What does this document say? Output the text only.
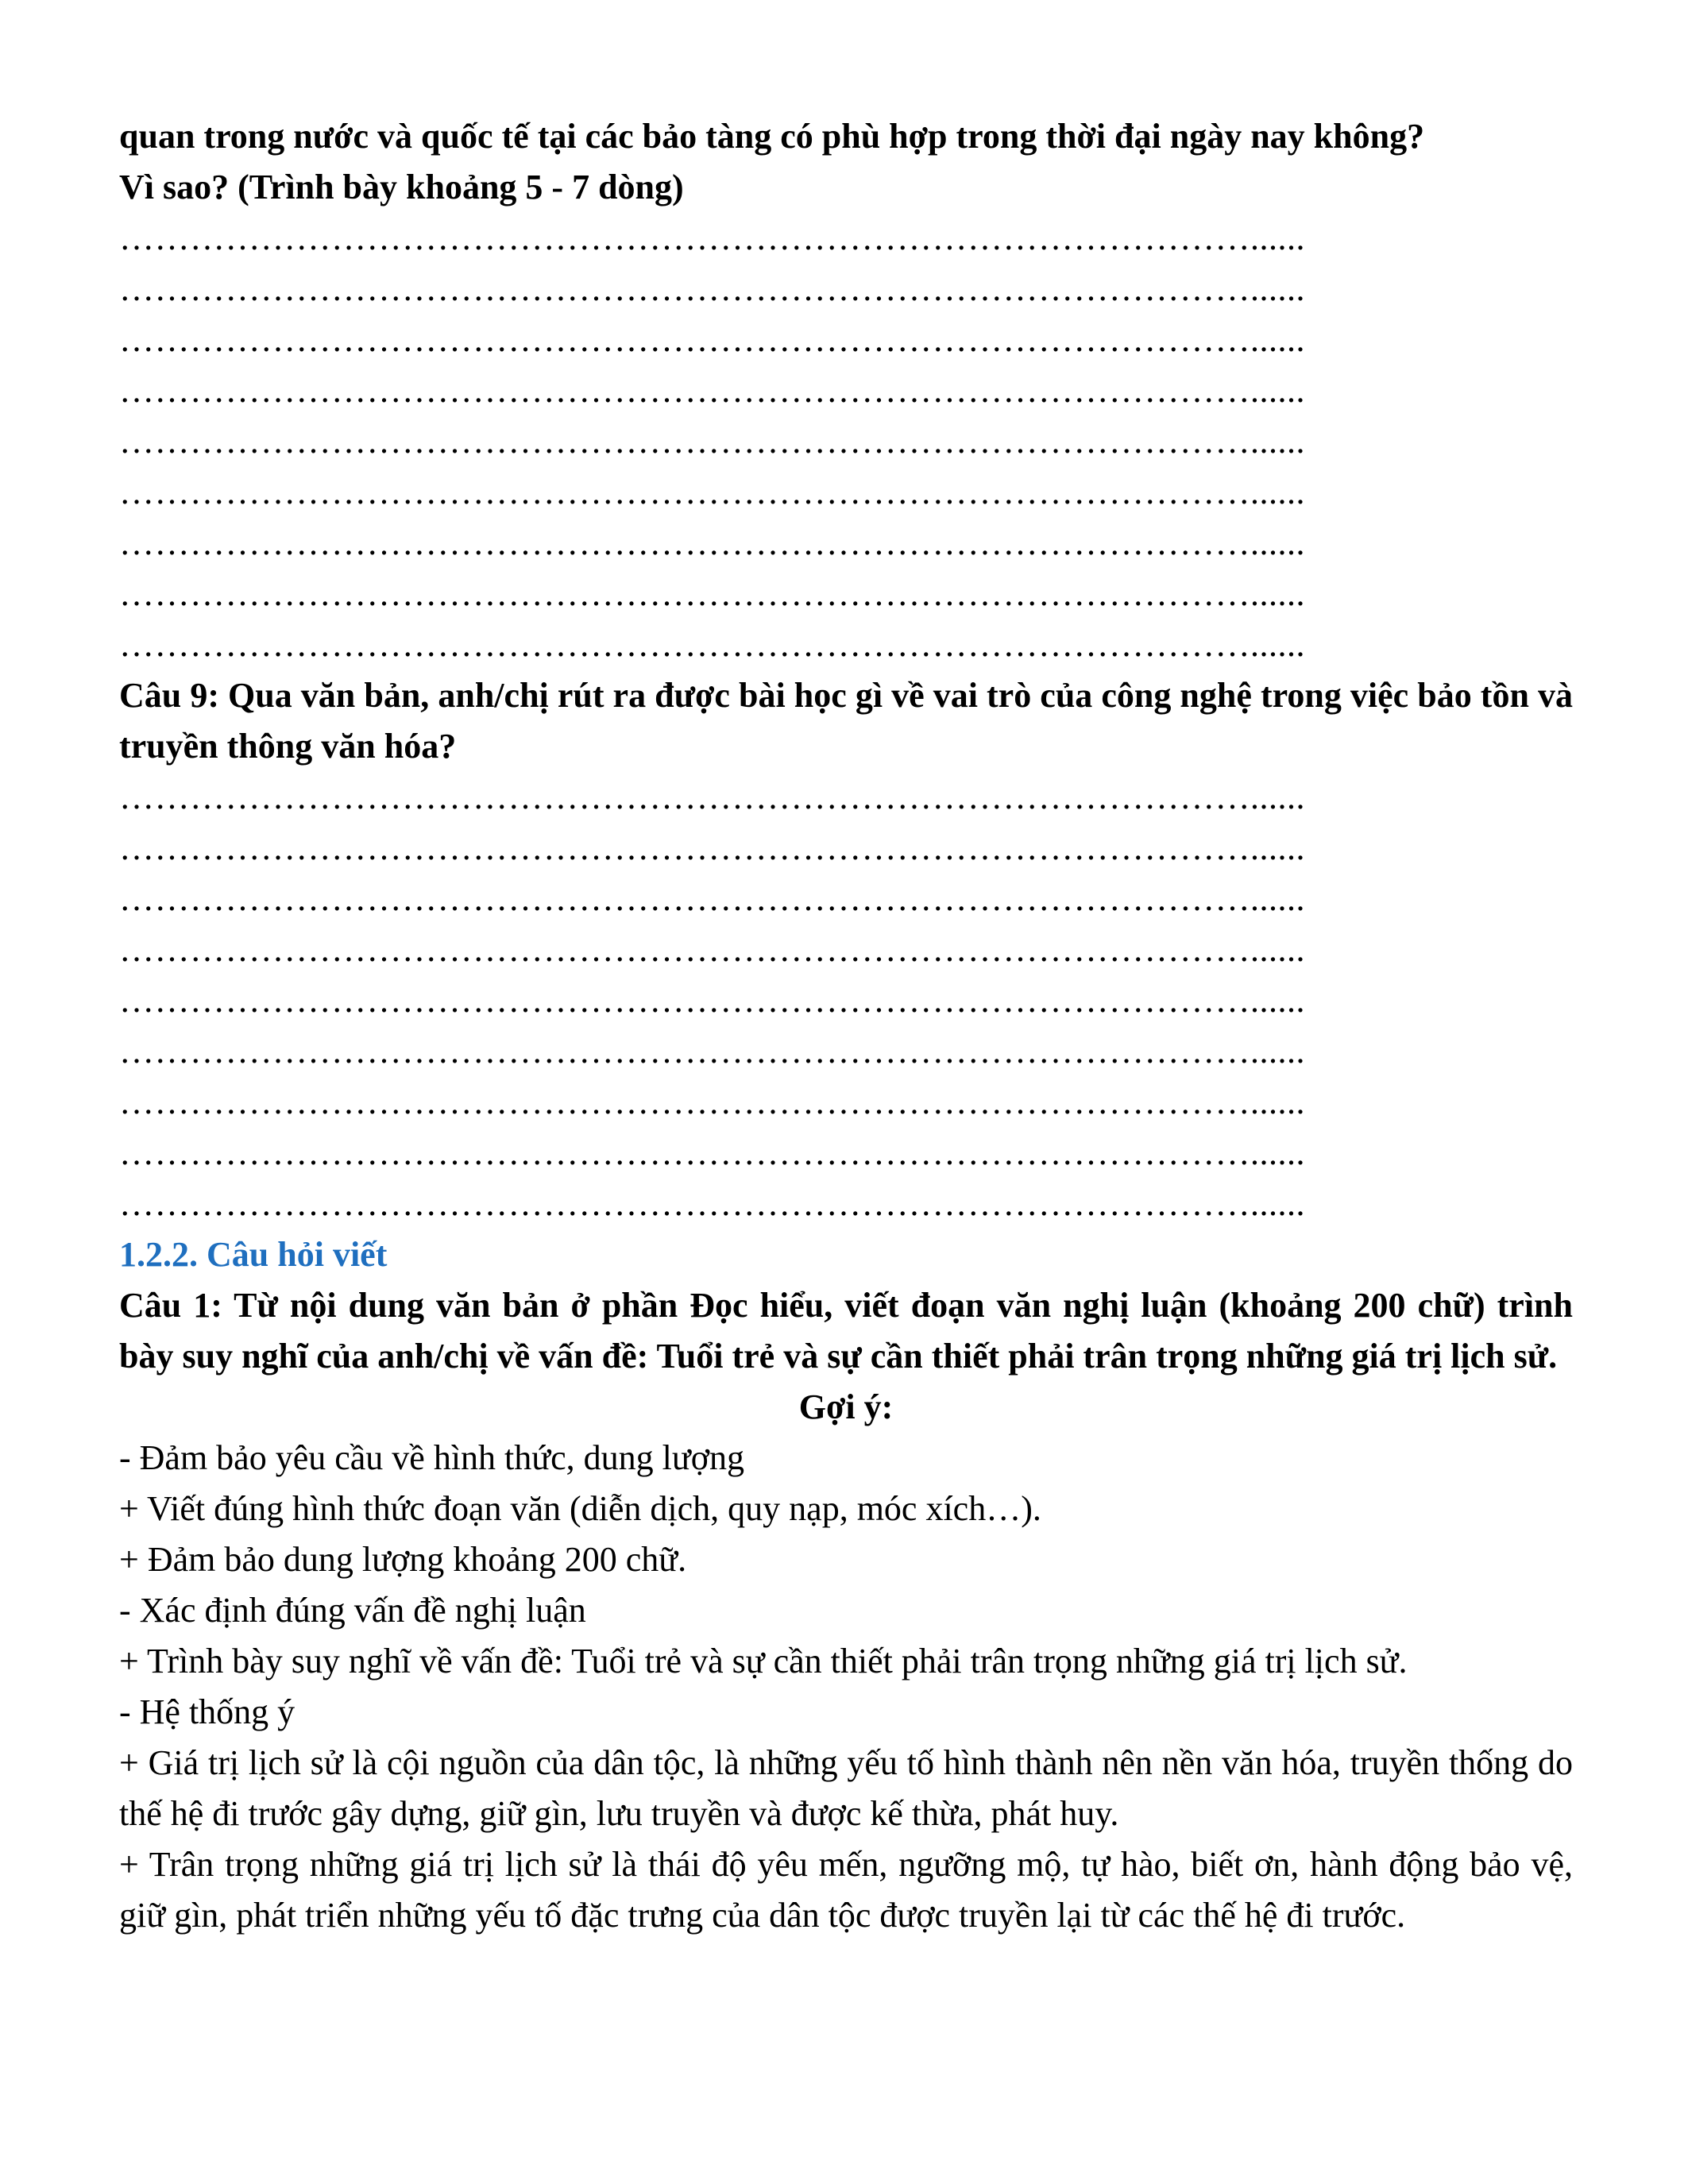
quan trong nước và quốc tế tại các bảo tàng có phù hợp trong thời đại ngày nay không?
Vì sao? (Trình bày khoảng 5 - 7 dòng)
……………………………………………………………………………………......
……………………………………………………………………………………......
……………………………………………………………………………………......
……………………………………………………………………………………......
……………………………………………………………………………………......
……………………………………………………………………………………......
……………………………………………………………………………………......
……………………………………………………………………………………......
……………………………………………………………………………………......
Câu 9: Qua văn bản, anh/chị rút ra được bài học gì về vai trò của công nghệ trong việc bảo tồn và truyền thông văn hóa?
……………………………………………………………………………………......
……………………………………………………………………………………......
……………………………………………………………………………………......
……………………………………………………………………………………......
……………………………………………………………………………………......
……………………………………………………………………………………......
……………………………………………………………………………………......
……………………………………………………………………………………......
……………………………………………………………………………………......
1.2.2. Câu hỏi viết
Câu 1: Từ nội dung văn bản ở phần Đọc hiểu, viết đoạn văn nghị luận (khoảng 200 chữ) trình bày suy nghĩ của anh/chị về vấn đề: Tuổi trẻ và sự cần thiết phải trân trọng những giá trị lịch sử.
Gợi ý:
- Đảm bảo yêu cầu về hình thức, dung lượng
+ Viết đúng hình thức đoạn văn (diễn dịch, quy nạp, móc xích…).
+ Đảm bảo dung lượng khoảng 200 chữ.
- Xác định đúng vấn đề nghị luận
+ Trình bày suy nghĩ về vấn đề: Tuổi trẻ và sự cần thiết phải trân trọng những giá trị lịch sử.
- Hệ thống ý
+ Giá trị lịch sử là cội nguồn của dân tộc, là những yếu tố hình thành nên nền văn hóa, truyền thống do thế hệ đi trước gây dựng, giữ gìn, lưu truyền và được kế thừa, phát huy.
+ Trân trọng những giá trị lịch sử là thái độ yêu mến, ngưỡng mộ, tự hào, biết ơn, hành động bảo vệ, giữ gìn, phát triển những yếu tố đặc trưng của dân tộc được truyền lại từ các thế hệ đi trước.
